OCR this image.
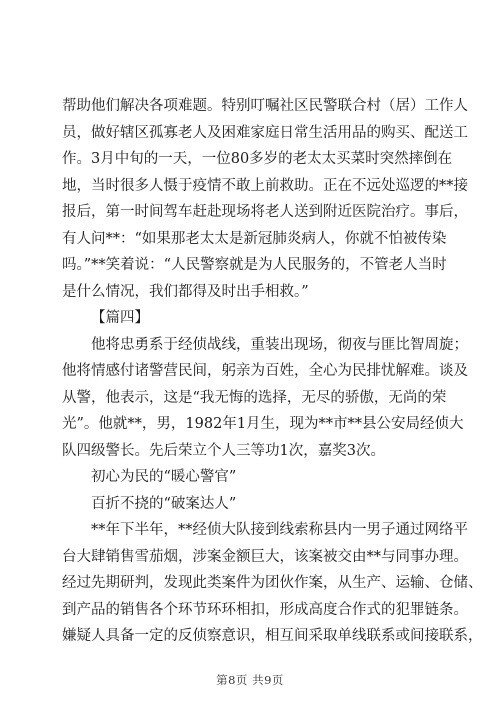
帮助他们解决各项难题。特别叮嘱社区民警联合村（居）工作人
员，做好辖区孤寡老人及困难家庭日常生活用品的购买、配送工
作。3月中旬的一天，一位80多岁的老太太买菜时突然摔倒在
地，当时很多人慑于疫情不敢上前救助。正在不远处巡逻的**接
报后，第一时间驾车赶赴现场将老人送到附近医院治疗。事后，
有人问**：“如果那老太太是新冠肺炎病人，你就不怕被传染
吗。”**笑着说：“人民警察就是为人民服务的，不管老人当时
是什么情况，我们都得及时出手相救。”
【篇四】
他将忠勇系于经侦战线，重装出现场，彻夜与匪比智周旋；
他将情感付诸警营民间，躬亲为百姓，全心为民排忧解难。谈及
从警，他表示，这是“我无悔的选择，无尽的骄傲，无尚的荣
光”。他就**，男，1982年1月生，现为**市**县公安局经侦大
队四级警长。先后荣立个人三等功1次，嘉奖3次。
初心为民的“暖心警官”
百折不挠的“破案达人”
**年下半年，**经侦大队接到线索称县内一男子通过网络平
台大肆销售雪茄烟，涉案金额巨大，该案被交由**与同事办理。
经过先期研判，发现此类案件为团伙作案，从生产、运输、仓储、
到产品的销售各个环节环环相扣，形成高度合作式的犯罪链条。
嫌疑人具备一定的反侦察意识，相互间采取单线联系或间接联系，
第8页 共9页
